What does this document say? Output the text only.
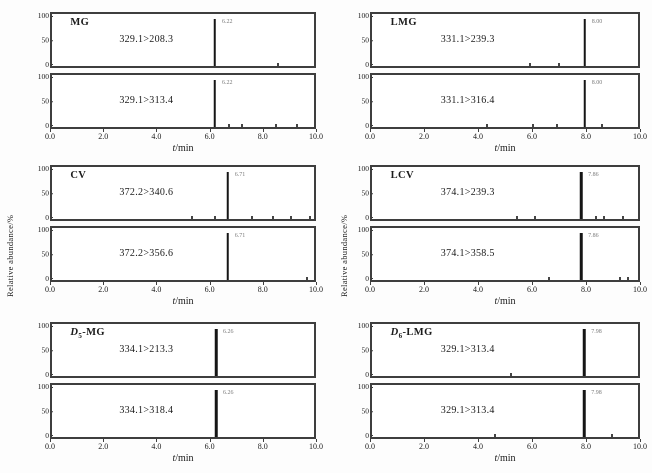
Relative abundance/%	Relative abundance/%
100
50
0
MG
329.1>208.3
6.22
100
50
0
329.1>313.4
6.22
0.0	2.0	4.0	6.0	8.0	10.0
t/min
100
50
0
LMG
331.1>239.3
8.00
100
50
0
331.1>316.4
8.00
0.0	2.0	4.0	6.0	8.0	10.0
t/min
100
50
0
CV
372.2>340.6
6.71
100
50
0
372.2>356.6
6.71
0.0	2.0	4.0	6.0	8.0	10.0
t/min
100
50
0
LCV
374.1>239.3
7.86
100
50
0
374.1>358.5
7.86
0.0	2.0	4.0	6.0	8.0	10.0
t/min
100
50
0
$D_5-MG$
334.1>213.3
6.26
100
50
0
334.1>318.4
6.26
0.0	2.0	4.0	6.0	8.0	10.0
t/min
100
50
0
$D_6$-LMG
329.1>313.4
7.98
100
50
0
329.1>313.4
7.98
0.0	2.0	4.0	6.0	8.0	10.0
t/min
